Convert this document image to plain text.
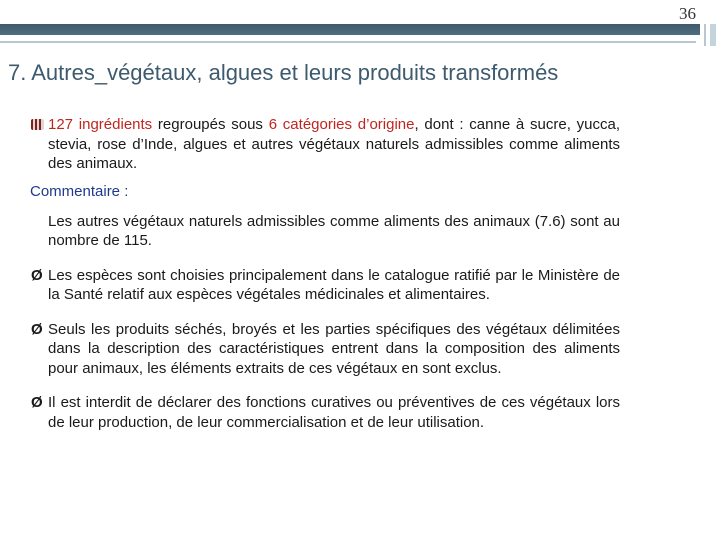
36
7. Autres_végétaux, algues et leurs produits transformés

127 ingrédients regroupés sous 6 catégories d’origine, dont : canne à sucre, yucca, stevia, rose d’Inde, algues et autres végétaux naturels admissibles comme aliments des animaux.

Commentaire :

Les autres végétaux naturels admissibles comme aliments des animaux (7.6) sont au nombre de 115.

Ø Les espèces sont choisies principalement dans le catalogue ratifié par le Ministère de la Santé relatif aux espèces végétales médicinales et alimentaires.

Ø Seuls les produits séchés, broyés et les parties spécifiques des végétaux délimitées dans la description des caractéristiques entrent dans la composition des aliments pour animaux, les éléments extraits de ces végétaux en sont exclus.

Ø Il est interdit de déclarer des fonctions curatives ou préventives de ces végétaux lors de leur production, de leur commercialisation et de leur utilisation.
